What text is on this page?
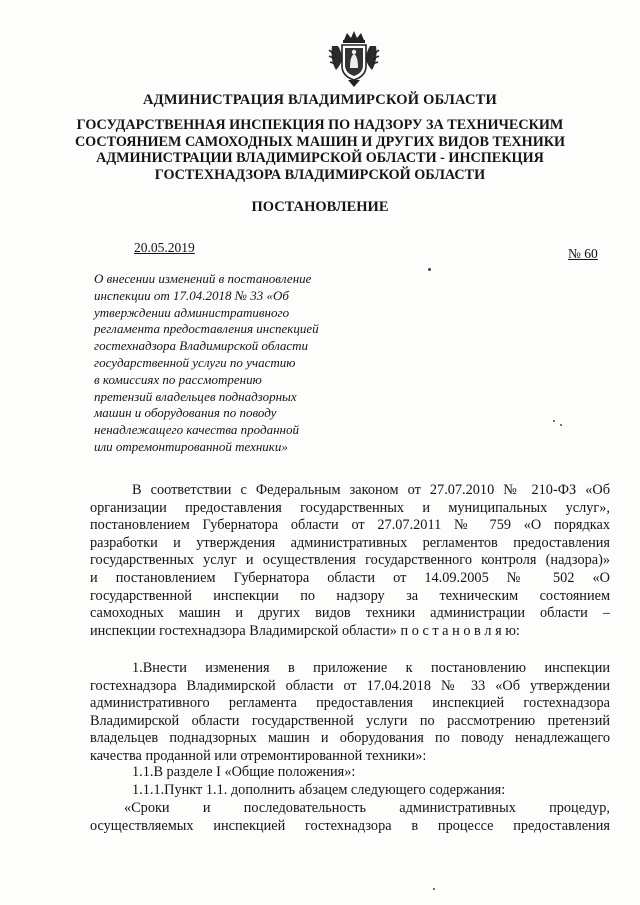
АДМИНИСТРАЦИЯ ВЛАДИМИРСКОЙ ОБЛАСТИ
ГОСУДАРСТВЕННАЯ ИНСПЕКЦИЯ ПО НАДЗОРУ ЗА ТЕХНИЧЕСКИМ
СОСТОЯНИЕМ САМОХОДНЫХ МАШИН И ДРУГИХ ВИДОВ ТЕХНИКИ
АДМИНИСТРАЦИИ ВЛАДИМИРСКОЙ ОБЛАСТИ - ИНСПЕКЦИЯ
ГОСТЕХНАДЗОРА ВЛАДИМИРСКОЙ ОБЛАСТИ
ПОСТАНОВЛЕНИЕ
20.05.2019	№ 60
О внесении изменений в постановление
инспекции от 17.04.2018 № 33 «Об
утверждении административного
регламента предоставления инспекцией
гостехнадзора Владимирской области
государственной услуги по участию
в комиссиях по рассмотрению
претензий владельцев поднадзорных
машин и оборудования по поводу
ненадлежащего качества проданной
или отремонтированной техники»
В соответствии с Федеральным законом от 27.07.2010 № 210-ФЗ «Об
организации предоставления государственных и муниципальных услуг»,
постановлением Губернатора области от 27.07.2011 № 759 «О порядках
разработки и утверждения административных регламентов предоставления
государственных услуг и осуществления государственного контроля (надзора)»
и постановлением Губернатора области от 14.09.2005 № 502 «О
государственной инспекции по надзору за техническим состоянием
самоходных машин и других видов техники администрации области –
инспекции гостехнадзора Владимирской области» п о с т а н о в л я ю:
1.Внести изменения в приложение к постановлению инспекции
гостехнадзора Владимирской области от 17.04.2018 № 33 «Об утверждении
административного регламента предоставления инспекцией гостехнадзора
Владимирской области государственной услуги по рассмотрению претензий
владельцев поднадзорных машин и оборудования по поводу ненадлежащего
качества проданной или отремонтированной техники»:
1.1.В разделе I «Общие положения»:
1.1.1.Пункт 1.1. дополнить абзацем следующего содержания:
«Сроки и последовательность административных процедур,
осуществляемых инспекцией гостехнадзора в процессе предоставления
